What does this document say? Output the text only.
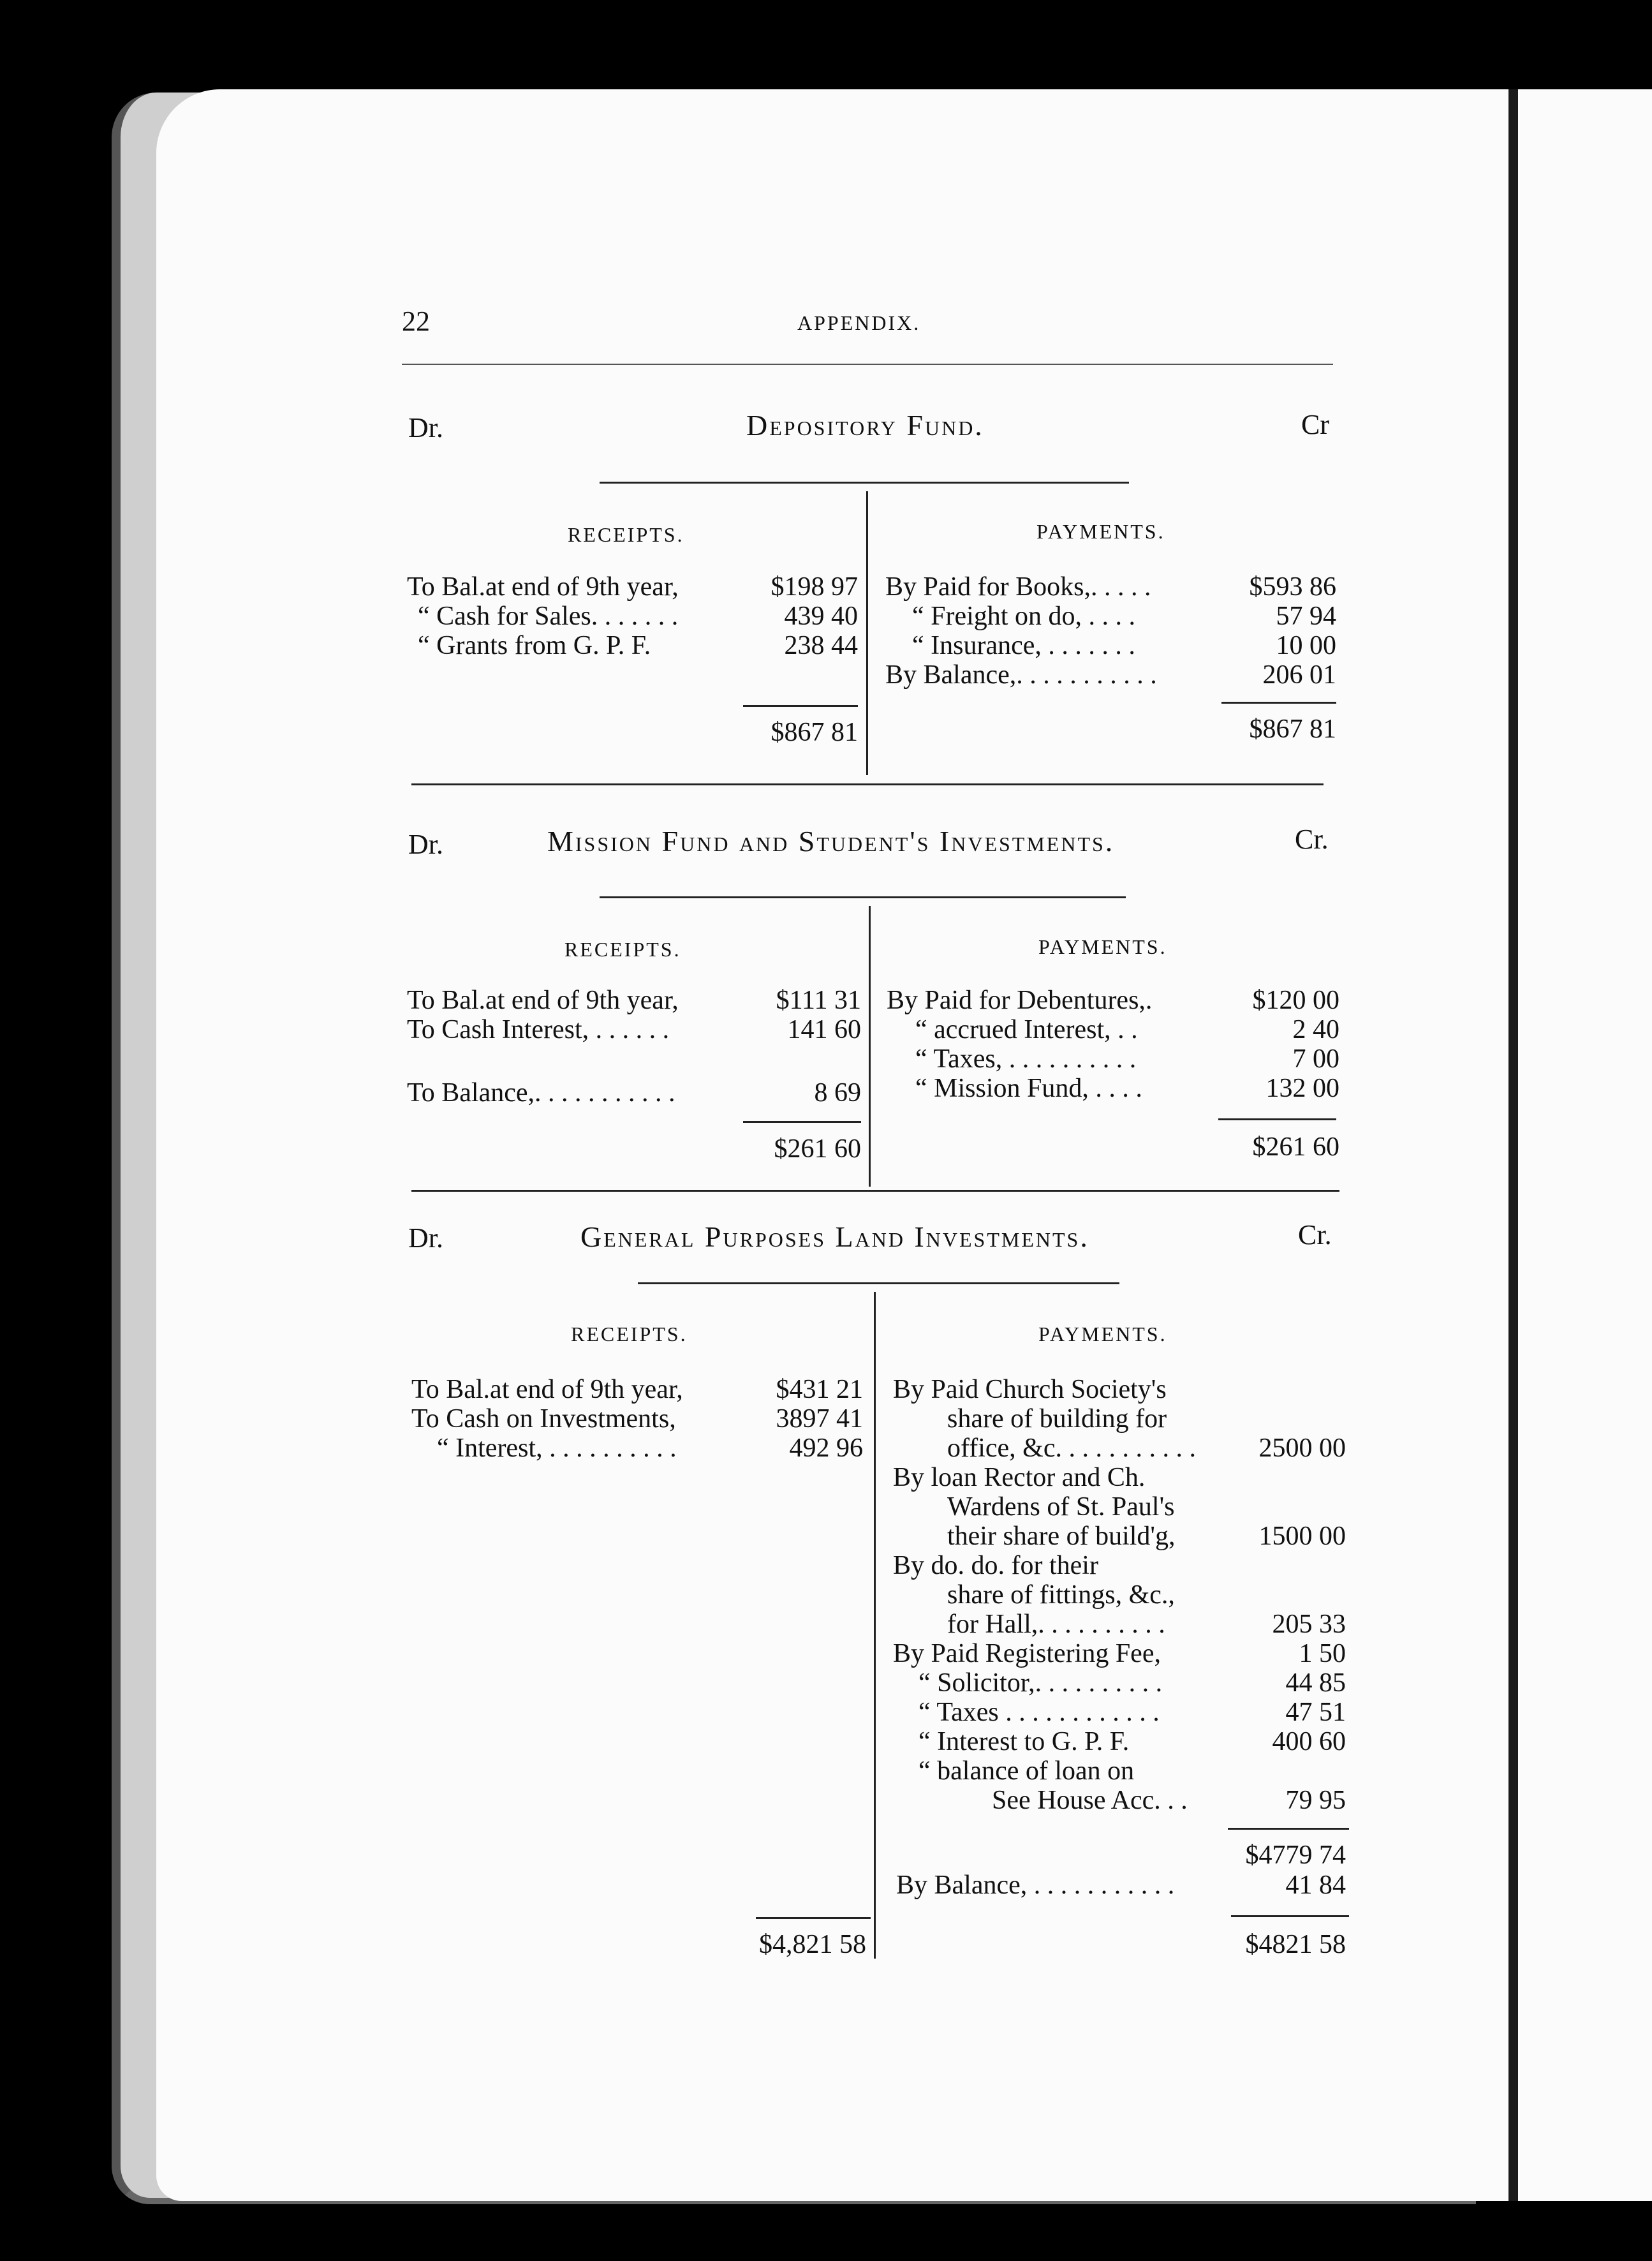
22	APPENDIX.
Dr.	Depository Fund.	Cr
RECEIPTS.	PAYMENTS.
To Bal.at end of 9th year,	$198 97
“ Cash for Sales. . . . . . .	439 40
“ Grants from G. P. F.	238 44
By Paid for Books,. . . . .	$593 86
“ Freight on do, . . . .	57 94
“ Insurance, . . . . . . .	10 00
By Balance,. . . . . . . . . . .	206 01
$867 81	$867 81
Dr.	Mission Fund and Student's Investments.	Cr.
RECEIPTS.	PAYMENTS.
To Bal.at end of 9th year,	$111 31
To Cash Interest, . . . . . .	141 60
To Balance,. . . . . . . . . . .	8 69
By Paid for Debentures,.	$120 00
“ accrued Interest, . .	2 40
“ Taxes, . . . . . . . . . .	7 00
“ Mission Fund, . . . .	132 00
$261 60	$261 60
Dr.	General Purposes Land Investments.	Cr.
RECEIPTS.	PAYMENTS.
To Bal.at end of 9th year,	$431 21
To Cash on Investments,	3897 41
“ Interest, . . . . . . . . . .	492 96
By Paid Church Society's
share of building for
office, &c. . . . . . . . . . . 2500 00
By loan Rector and Ch.
Wardens of St. Paul's
their share of build'g,	1500 00
By do. do. for their
share of fittings, &c.,
for Hall,. . . . . . . . . .	205 33
By Paid Registering Fee,	1 50
“ Solicitor,. . . . . . . . . .	44 85
“ Taxes . . . . . . . . . . . .	47 51
“ Interest to G. P. F.	400 60
“ balance of loan on
See House Acc. . .	79 95
$4779 74
By Balance, . . . . . . . . . . .	41 84
$4,821 58	$4821 58
